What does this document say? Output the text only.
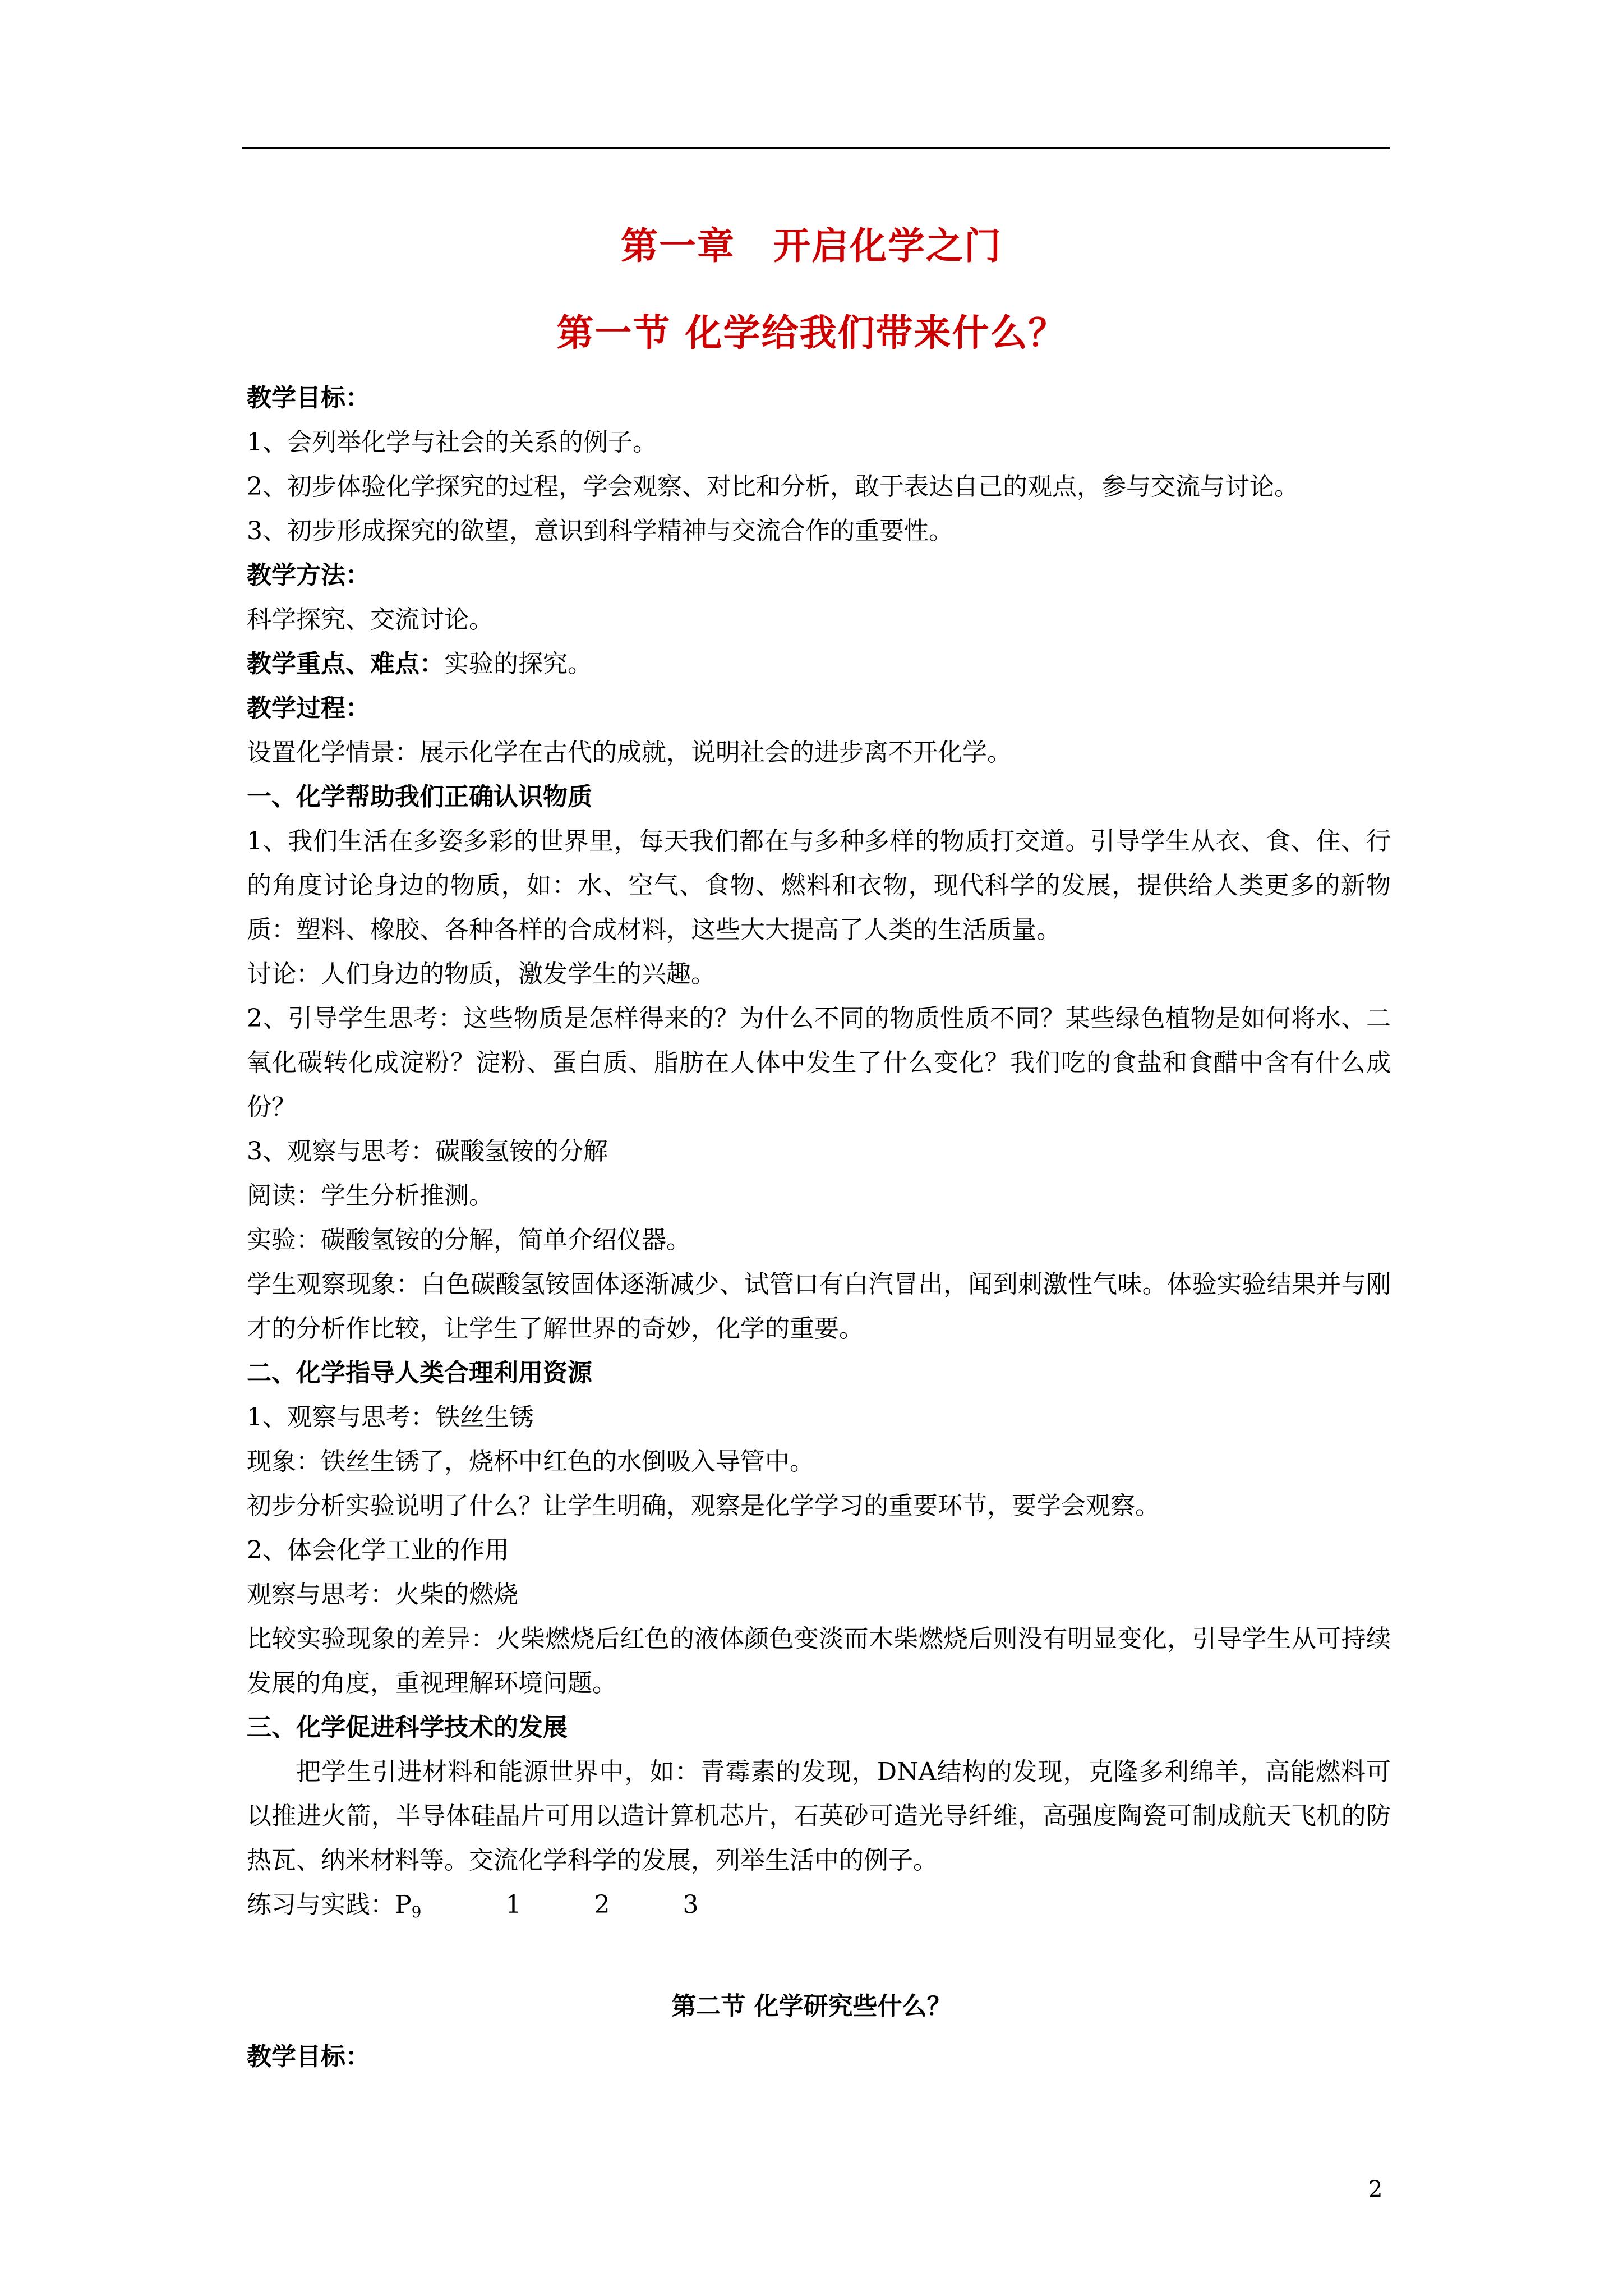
第一章　开启化学之门
第一节 化学给我们带来什么？

教学目标：

1、会列举化学与社会的关系的例子。

2、初步体验化学探究的过程，学会观察、对比和分析，敢于表达自己的观点，参与交流与讨论。

3、初步形成探究的欲望，意识到科学精神与交流合作的重要性。

教学方法：

科学探究、交流讨论。

教学重点、难点：实验的探究。

教学过程：

设置化学情景：展示化学在古代的成就，说明社会的进步离不开化学。

一、化学帮助我们正确认识物质

1、我们生活在多姿多彩的世界里，每天我们都在与多种多样的物质打交道。引导学生从衣、食、住、行的角度讨论身边的物质，如：水、空气、食物、燃料和衣物，现代科学的发展，提供给人类更多的新物质：塑料、橡胶、各种各样的合成材料，这些大大提高了人类的生活质量。

讨论：人们身边的物质，激发学生的兴趣。

2、引导学生思考：这些物质是怎样得来的？为什么不同的物质性质不同？某些绿色植物是如何将水、二氧化碳转化成淀粉？淀粉、蛋白质、脂肪在人体中发生了什么变化？我们吃的食盐和食醋中含有什么成份？

3、观察与思考：碳酸氢铵的分解

阅读：学生分析推测。

实验：碳酸氢铵的分解，简单介绍仪器。

学生观察现象：白色碳酸氢铵固体逐渐减少、试管口有白汽冒出，闻到刺激性气味。体验实验结果并与刚才的分析作比较，让学生了解世界的奇妙，化学的重要。

二、化学指导人类合理利用资源

1、观察与思考：铁丝生锈

现象：铁丝生锈了，烧杯中红色的水倒吸入导管中。

初步分析实验说明了什么？让学生明确，观察是化学学习的重要环节，要学会观察。

2、体会化学工业的作用

观察与思考：火柴的燃烧

比较实验现象的差异：火柴燃烧后红色的液体颜色变淡而木柴燃烧后则没有明显变化，引导学生从可持续发展的角度，重视理解环境问题。

三、化学促进科学技术的发展

把学生引进材料和能源世界中，如：青霉素的发现，DNA结构的发现，克隆多利绵羊，高能燃料可以推进火箭，半导体硅晶片可用以造计算机芯片，石英砂可造光导纤维，高强度陶瓷可制成航天飞机的防热瓦、纳米材料等。交流化学科学的发展，列举生活中的例子。

练习与实践：P9	1	2	3

第二节 化学研究些什么？
教学目标：
2
